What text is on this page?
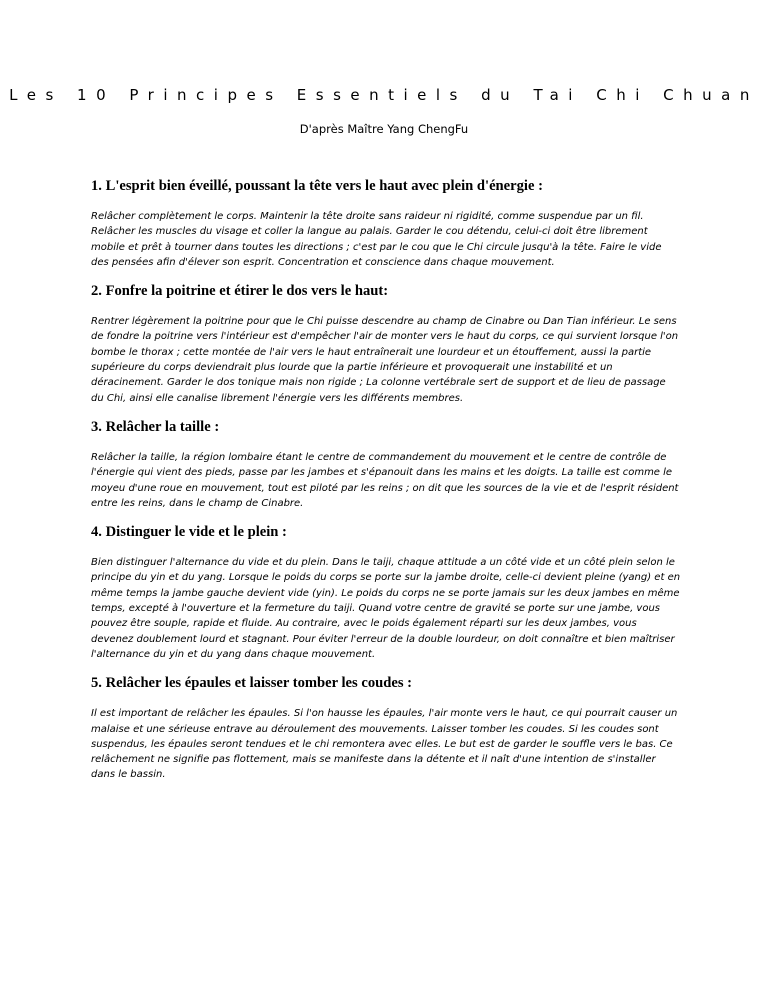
Les 10 Principes Essentiels du Tai Chi Chuan
D'après Maître Yang ChengFu
1. L'esprit bien éveillé, poussant la tête vers le haut avec plein d'énergie :

Relâcher complètement le corps. Maintenir la tête droite sans raideur ni rigidité, comme suspendue par un fil. Relâcher les muscles du visage et coller la langue au palais. Garder le cou détendu, celui-ci doit être librement mobile et prêt à tourner dans toutes les directions ; c'est par le cou que le Chi circule jusqu'à la tête. Faire le vide des pensées afin d'élever son esprit. Concentration et conscience dans chaque mouvement.

2. Fonfre la poitrine et étirer le dos vers le haut:

Rentrer légèrement la poitrine pour que le Chi puisse descendre au champ de Cinabre ou Dan Tian inférieur. Le sens de fondre la poitrine vers l'intérieur est d'empêcher l'air de monter vers le haut du corps, ce qui survient lorsque l'on bombe le thorax ; cette montée de l'air vers le haut entraînerait une lourdeur et un étouffement, aussi la partie supérieure du corps deviendrait plus lourde que la partie inférieure et provoquerait une instabilité et un déracinement. Garder le dos tonique mais non rigide ; La colonne vertébrale sert de support et de lieu de passage du Chi, ainsi elle canalise librement l'énergie vers les différents membres.

3. Relâcher la taille :

Relâcher la taille, la région lombaire étant le centre de commandement du mouvement et le centre de contrôle de l'énergie qui vient des pieds, passe par les jambes et s'épanouit dans les mains et les doigts. La taille est comme le moyeu d'une roue en mouvement, tout est piloté par les reins ; on dit que les sources de la vie et de l'esprit résident entre les reins, dans le champ de Cinabre.

4. Distinguer le vide et le plein :

Bien distinguer l'alternance du vide et du plein. Dans le taiji, chaque attitude a un côté vide et un côté plein selon le principe du yin et du yang. Lorsque le poids du corps se porte sur la jambe droite, celle-ci devient pleine (yang) et en même temps la jambe gauche devient vide (yin). Le poids du corps ne se porte jamais sur les deux jambes en même temps, excepté à l'ouverture et la fermeture du taiji. Quand votre centre de gravité se porte sur une jambe, vous pouvez être souple, rapide et fluide. Au contraire, avec le poids également réparti sur les deux jambes, vous devenez doublement lourd et stagnant. Pour éviter l'erreur de la double lourdeur, on doit connaître et bien maîtriser l'alternance du yin et du yang dans chaque mouvement.

5. Relâcher les épaules et laisser tomber les coudes :

Il est important de relâcher les épaules. Si l'on hausse les épaules, l'air monte vers le haut, ce qui pourrait causer un malaise et une sérieuse entrave au déroulement des mouvements. Laisser tomber les coudes. Si les coudes sont suspendus, les épaules seront tendues et le chi remontera avec elles. Le but est de garder le souffle vers le bas. Ce relâchement ne signifie pas flottement, mais se manifeste dans la détente et il naît d'une intention de s'installer dans le bassin.
